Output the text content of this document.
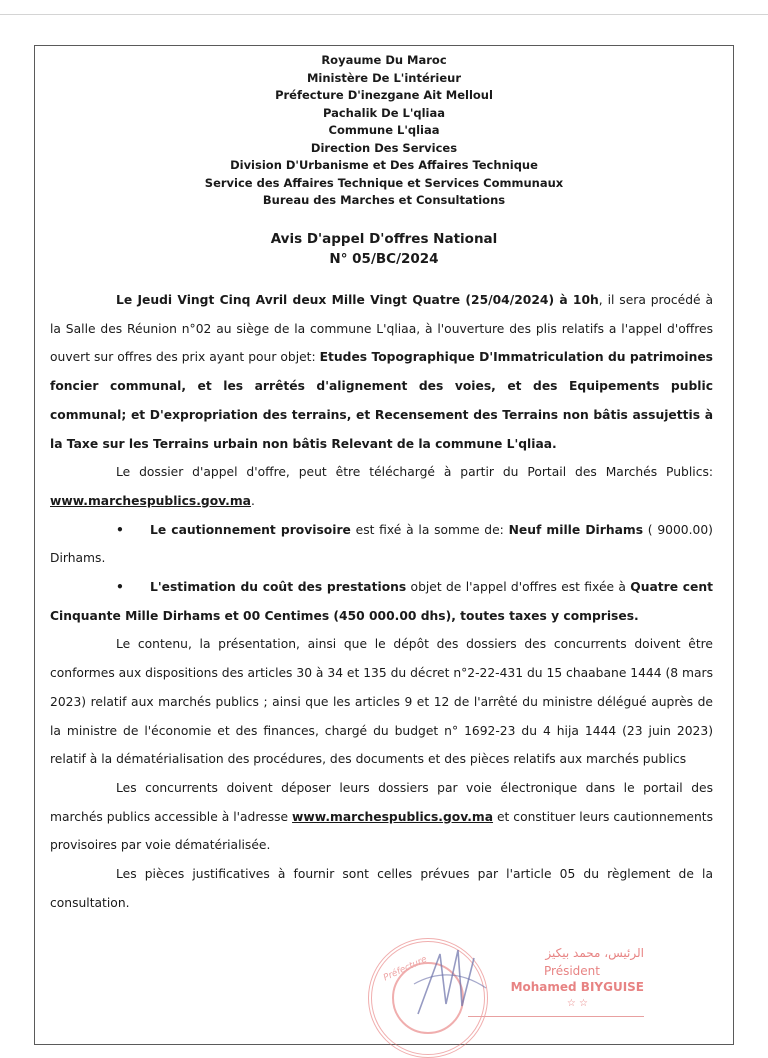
Royaume Du Maroc
Ministère De L'intérieur
Préfecture D'inezgane Ait Melloul
Pachalik De L'qliaa
Commune L'qliaa
Direction Des Services
Division D'Urbanisme et Des Affaires Technique
Service des Affaires Technique et Services Communaux
Bureau des Marches et Consultations
Avis D'appel D'offres National
N° 05/BC/2024

Le Jeudi Vingt Cinq Avril deux Mille Vingt Quatre (25/04/2024) à 10h, il sera procédé à la Salle des Réunion n°02 au siège de la commune L'qliaa, à l'ouverture des plis relatifs a l'appel d'offres ouvert sur offres des prix ayant pour objet: Etudes Topographique D'Immatriculation du patrimoines foncier communal, et les arrêtés d'alignement des voies, et des Equipements public communal; et D'expropriation des terrains, et Recensement des Terrains non bâtis assujettis à la Taxe sur les Terrains urbain non bâtis Relevant de la commune L'qliaa.

Le dossier d'appel d'offre, peut être téléchargé à partir du Portail des Marchés Publics: www.marchespublics.gov.ma.

• Le cautionnement provisoire est fixé à la somme de: Neuf mille Dirhams ( 9000.00) Dirhams.

• L'estimation du coût des prestations objet de l'appel d'offres est fixée à Quatre cent Cinquante Mille Dirhams et 00 Centimes (450 000.00 dhs), toutes taxes y comprises.

Le contenu, la présentation, ainsi que le dépôt des dossiers des concurrents doivent être conformes aux dispositions des articles 30 à 34 et 135 du décret n°2-22-431 du 15 chaabane 1444 (8 mars 2023) relatif aux marchés publics ; ainsi que les articles 9 et 12 de l'arrêté du ministre délégué auprès de la ministre de l'économie et des finances, chargé du budget n° 1692-23 du 4 hija 1444 (23 juin 2023) relatif à la dématérialisation des procédures, des documents et des pièces relatifs aux marchés publics

Les concurrents doivent déposer leurs dossiers par voie électronique dans le portail des marchés publics accessible à l'adresse www.marchespublics.gov.ma et constituer leurs cautionnements provisoires par voie dématérialisée.

Les pièces justificatives à fournir sont celles prévues par l'article 05 du règlement de la consultation.

Préfecture
الرئيس، محمد بيكيز
Président
Mohamed BIYGUISE
☆ ☆
